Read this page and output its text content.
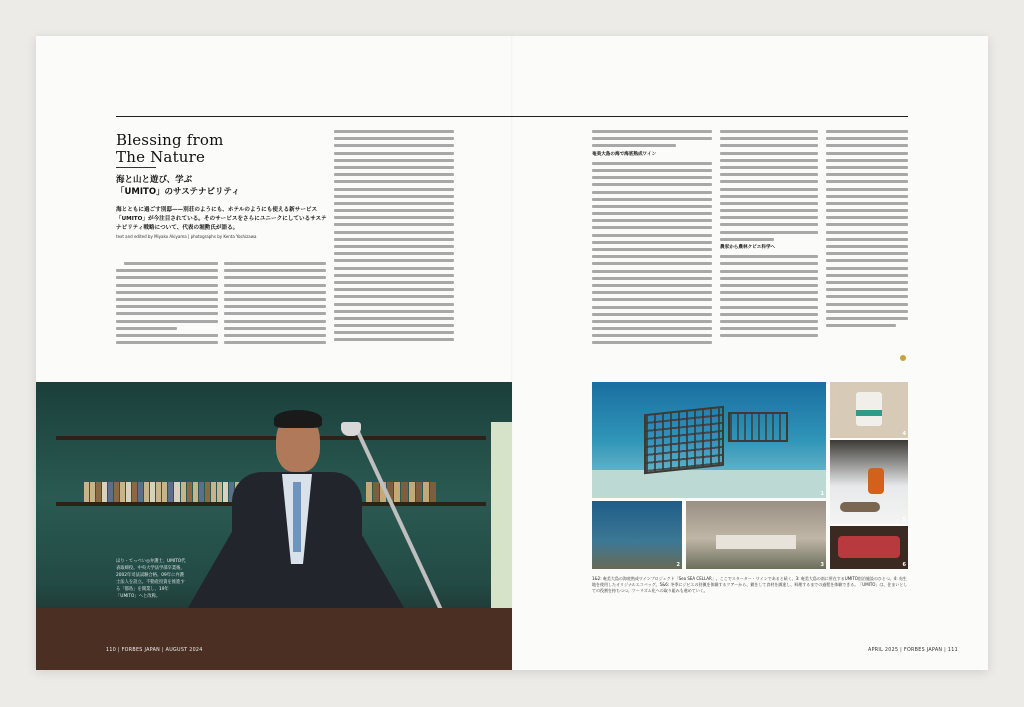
Blessing from
The Nature
海と山と遊び、学ぶ
「UMITO」のサステナビリティ
海とともに過ごす別邸——別荘のようにも、ホテルのようにも使える新サービス「UMITO」が今注目されている。そのサービスをさらにユニークにしているサステナビリティ戦略について、代表の堀勲氏が語る。
text and edited by Miyako Akiyama | photographs by Kenta Yoshizawa
奄美大島の海で海底熟成ワイン
農家から農林クビエ科学へ
ほり・てっぺい◎弁護士、UMITO代表取締役。中央大学法学部卒業後、2002年司法試験合格。09年に弁護士法人を設立。不動産投資を推進する「都島」を開業し、19年「UMITO」へと改称。
1
2	3
4
5
6
1&2: 奄美大島の海底熟成ワインプロジェクト「Sea SEA CELLAR」。ここでスターター・ワインであると続く、3: 奄美大島の南に所在するUMITO宿泊施設のひとつ。4: 布生地を使用したオリジナルエコバッグ。5&6: 冬季にジビエの狩猟を体験するツアーから、猟をして食材を調達し、料理するまでの過程を体験できる。「UMITO」は、住まいとしての役割を持ちつつ、ツーリズム化への取り組みも進めていく。
110 | FORBES JAPAN | AUGUST 2024	APRIL 2025 | FORBES JAPAN | 111
